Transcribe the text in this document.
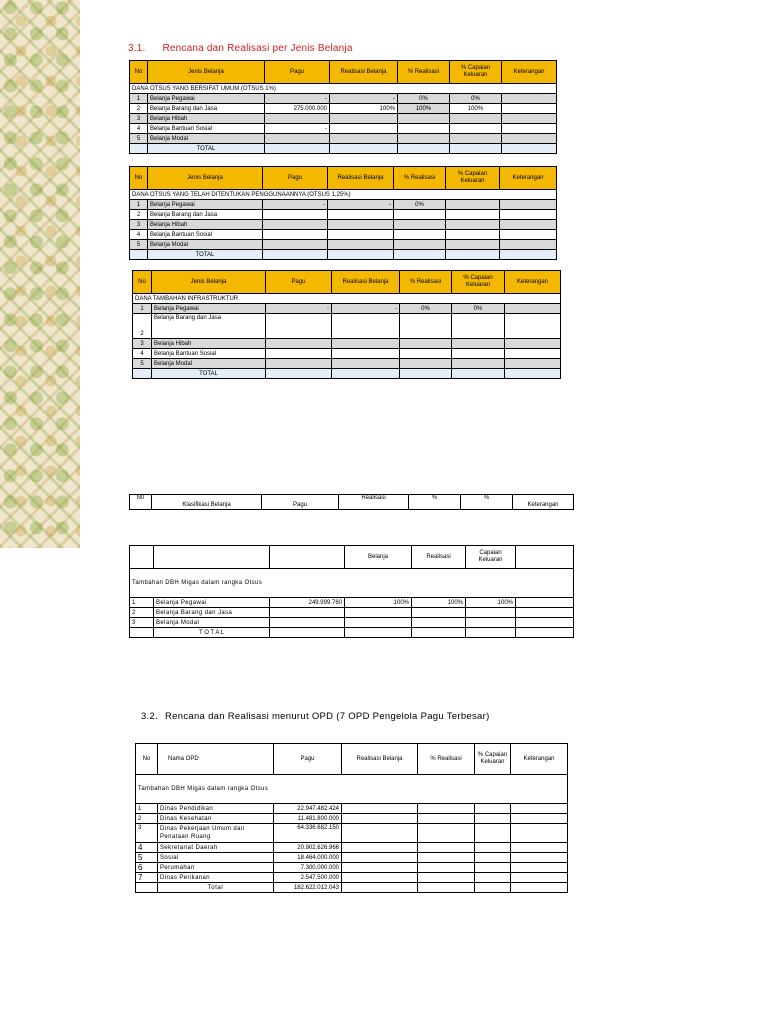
3.1. Rencana dan Realisasi per Jenis Belanja
No	Jenis Belanja	Pagu	Realisasi Belanja	% Realisasi	% Capaian Keluaran	Keterangan
DANA OTSUS YANG BERSIFAT UMUM (OTSUS 1%)						
1	Belanja Pegawai	-	-	0%	0%	
2	Belanja Barang dan Jasa	275.000.000	100%	100%	100%	
3	Belanja Hibah					
4	Belanja Bantuan Sosial	-				
5	Belanja Modal					
	TOTAL					
No	Jenis Belanja	Pagu	Realisasi Belanja	% Realisasi	% Capaian Keluaran	Keterangan
DANA OTSUS YANG TELAH DITENTUKAN PENGGUNAANNYA (OTSUS 1,25%)						
1	Belanja Pegawai	-	-	0%		
2	Belanja Barang dan Jasa					
3	Belanja Hibah					
4	Belanja Bantuan Sosial					
5	Belanja Modal					
	TOTAL					
No	Jenis Belanja	Pagu	Realisasi Belanja	% Realisasi	% Capaian Keluaran	Keterangan
DANA TAMBAHAN INFRASTRUKTUR						
1	Belanja Pegawai	-	-	0%	0%	
2	Belanja Barang dan Jasa					
3	Belanja Hibah					
4	Belanja Bantuan Sosial					
5	Belanja Modal					
	TOTAL					
N0	Klasifikasi Belanja	Pagu	Realisasi	%	%	Keterangan
			Belanja	Realisasi	Capaian Keluaran	
Tambahan DBH Migas dalam rangka Otsus						
1	Belanja Pegawai	249.999.760	100%	100%	100%	
2	Belanja Barang dan Jasa					
3	Belanja Modal					
	T O T A L					
3.2. Rencana dan Realisasi menurut OPD (7 OPD Pengelola Pagu Terbesar)
No	Nama OPD	Pagu	Realisasi Belanja	% Realisasi	% Capaian Keluaran	Keterangan
Tambahan DBH Migas dalam rangka Otsus						
1	Dinas Pendidikan	22.947.482.424				
2	Dinas Kesehatan	11.481.800.000				
3	Dinas Pekerjaan Umum dan Penataan Ruang	64.336.682.150				
4	Sekretariat Daerah	20.902.626.966				
5	Sosial	18.464.000.000				
6	Perumahan	7.300.000.000				
7	Dinas Perikanan	2.547.500.000				
	Total	182.622.012.043				
